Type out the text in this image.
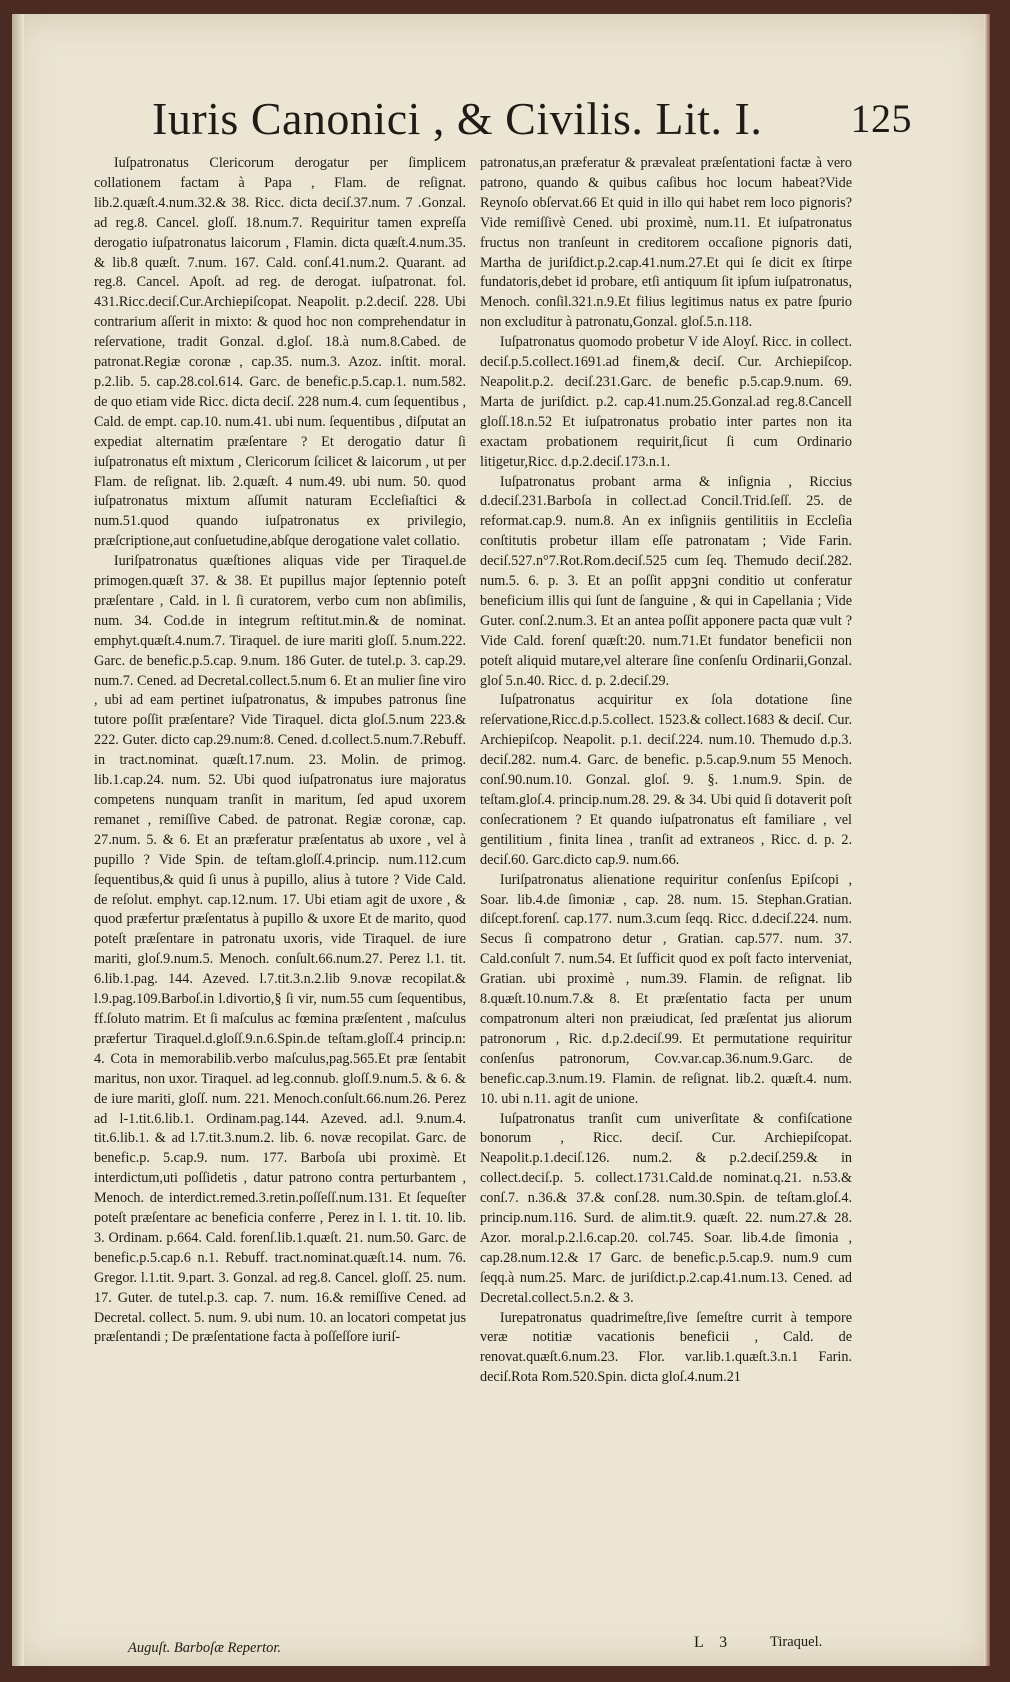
Iuris Canonici , & Civilis. Lit. I. 125

Iuſpatronatus Clericorum derogatur per ſimplicem collationem factam à Papa , Flam. de reſignat. lib.2.quæſt.4.num.32.& 38. Ricc. dicta deciſ.37.num. 7 .Gonzal. ad reg.8. Cancel. gloſſ. 18.num.7. Requiritur tamen expreſſa derogatio iuſpatronatus laicorum , Flamin. dicta quæſt.4.num.35. & lib.8 quæſt. 7.num. 167. Cald. conſ.41.num.2. Quarant. ad reg.8. Cancel. Apoſt. ad reg. de derogat. iuſpatronat. fol. 431.Ricc.deciſ.Cur.Archiepiſcopat. Neapolit. p.2.deciſ. 228. Ubi contrarium aſſerit in mixto: & quod hoc non comprehendatur in reſervatione, tradit Gonzal. d.gloſ. 18.à num.8.Cabed. de patronat.Regiæ coronæ , cap.35. num.3. Azoz. inſtit. moral. p.2.lib. 5. cap.28.col.614. Garc. de benefic.p.5.cap.1. num.582. de quo etiam vide Ricc. dicta deciſ. 228 num.4. cum ſequentibus , Cald. de empt. cap.10. num.41. ubi num. ſequentibus , diſputat an expediat alternatim præſentare ? Et derogatio datur ſi iuſpatronatus eſt mixtum , Clericorum ſcilicet & laicorum , ut per Flam. de reſignat. lib. 2.quæſt. 4 num.49. ubi num. 50. quod iuſpatronatus mixtum aſſumit naturam Eccleſiaſtici & num.51.quod quando iuſpatronatus ex privilegio, præſcriptione,aut conſuetudine,abſque derogatione valet collatio.

Iuriſpatronatus quæſtiones aliquas vide per Tiraquel.de primogen.quæſt 37. & 38. Et pupillus major ſeptennio poteſt præſentare , Cald. in l. ſi curatorem, verbo cum non abſimilis, num. 34. Cod.de in integrum reſtitut.min.& de nominat. emphyt.quæſt.4.num.7. Tiraquel. de iure mariti gloſſ. 5.num.222. Garc. de benefic.p.5.cap. 9.num. 186 Guter. de tutel.p. 3. cap.29. num.7. Cened. ad Decretal.collect.5.num 6. Et an mulier ſine viro , ubi ad eam pertinet iuſpatronatus, & impubes patronus ſine tutore poſſit præſentare? Vide Tiraquel. dicta gloſ.5.num 223.& 222. Guter. dicto cap.29.num:8. Cened. d.collect.5.num.7.Rebuff. in tract.nominat. quæſt.17.num. 23. Molin. de primog. lib.1.cap.24. num. 52. Ubi quod iuſpatronatus iure majoratus competens nunquam tranſit in maritum, ſed apud uxorem remanet , remiſſive Cabed. de patronat. Regiæ coronæ, cap. 27.num. 5. & 6. Et an præferatur præſentatus ab uxore , vel à pupillo ? Vide Spin. de teſtam.gloſſ.4.princip. num.112.cum ſequentibus,& quid ſi unus à pupillo, alius à tutore ? Vide Cald. de reſolut. emphyt. cap.12.num. 17. Ubi etiam agit de uxore , & quod præfertur præſentatus à pupillo & uxore Et de marito, quod poteſt præſentare in patronatu uxoris, vide Tiraquel. de iure mariti, gloſ.9.num.5. Menoch. conſult.66.num.27. Perez l.1. tit. 6.lib.1.pag. 144. Azeved. l.7.tit.3.n.2.lib 9.novæ recopilat.& l.9.pag.109.Barboſ.in l.divortio,§ ſi vir, num.55 cum ſequentibus, ff.ſoluto matrim. Et ſi maſculus ac fœmina præſentent , maſculus præfertur Tiraquel.d.gloſſ.9.n.6.Spin.de teſtam.gloſſ.4 princip.n: 4. Cota in memorabilib.verbo maſculus,pag.565.Et præ ſentabit maritus, non uxor. Tiraquel. ad leg.connub. gloſſ.9.num.5. & 6. & de iure mariti, gloſſ. num. 221. Menoch.conſult.66.num.26. Perez ad l-1.tit.6.lib.1. Ordinam.pag.144. Azeved. ad.l. 9.num.4. tit.6.lib.1. & ad l.7.tit.3.num.2. lib. 6. novæ recopilat. Garc. de benefic.p. 5.cap.9. num. 177. Barboſa ubi proximè. Et interdictum,uti poſſidetis , datur patrono contra perturbantem , Menoch. de interdict.remed.3.retin.poſſeſſ.num.131. Et ſequeſter poteſt præſentare ac beneficia conferre , Perez in l. 1. tit. 10. lib. 3. Ordinam. p.664. Cald. forenſ.lib.1.quæſt. 21. num.50. Garc. de benefic.p.5.cap.6 n.1. Rebuff. tract.nominat.quæſt.14. num. 76. Gregor. l.1.tit. 9.part. 3. Gonzal. ad reg.8. Cancel. gloſſ. 25. num. 17. Guter. de tutel.p.3. cap. 7. num. 16.& remiſſive Cened. ad Decretal. collect. 5. num. 9. ubi num. 10. an locatori competat jus præſentandi ; De præſentatione facta à poſſeſſore iuriſ-

patronatus,an præferatur & prævaleat præſentationi factæ à vero patrono, quando & quibus caſibus hoc locum habeat?Vide Reynoſo obſervat.66 Et quid in illo qui habet rem loco pignoris?Vide remiſſivè Cened. ubi proximè, num.11. Et iuſpatronatus fructus non tranſeunt in creditorem occaſione pignoris dati, Martha de juriſdict.p.2.cap.41.num.27.Et qui ſe dicit ex ſtirpe fundatoris,debet id probare, etſi antiquum ſit ipſum iuſpatronatus, Menoch. conſil.321.n.9.Et filius legitimus natus ex patre ſpurio non excluditur à patronatu,Gonzal. gloſ.5.n.118.

Iuſpatronatus quomodo probetur V ide Aloyſ. Ricc. in collect. deciſ.p.5.collect.1691.ad finem,& deciſ. Cur. Archiepiſcop. Neapolit.p.2. deciſ.231.Garc. de benefic p.5.cap.9.num. 69. Marta de juriſdict. p.2. cap.41.num.25.Gonzal.ad reg.8.Cancell gloſſ.18.n.52 Et iuſpatronatus probatio inter partes non ita exactam probationem requirit,ſicut ſi cum Ordinario litigetur,Ricc. d.p.2.deciſ.173.n.1.

Iuſpatronatus probant arma & inſignia , Riccius d.deciſ.231.Barboſa in collect.ad Concil.Trid.ſeſſ. 25. de reformat.cap.9. num.8. An ex inſigniis gentilitiis in Eccleſia conſtitutis probetur illam eſſe patronatam ; Vide Farin. deciſ.527.n°7.Rot.Rom.deciſ.525 cum ſeq. Themudo deciſ.282. num.5. 6. p. 3. Et an poſſit appꝫni conditio ut conferatur beneficium illis qui ſunt de ſanguine , & qui in Capellania ; Vide Guter. conſ.2.num.3. Et an antea poſſit apponere pacta quæ vult ? Vide Cald. forenſ quæſt:20. num.71.Et fundator beneficii non poteſt aliquid mutare,vel alterare ſine conſenſu Ordinarii,Gonzal. gloſ 5.n.40. Ricc. d. p. 2.deciſ.29.

Iuſpatronatus acquiritur ex ſola dotatione ſine reſervatione,Ricc.d.p.5.collect. 1523.& collect.1683 & deciſ. Cur. Archiepiſcop. Neapolit. p.1. deciſ.224. num.10. Themudo d.p.3. deciſ.282. num.4. Garc. de benefic. p.5.cap.9.num 55 Menoch. conſ.90.num.10. Gonzal. gloſ. 9. §. 1.num.9. Spin. de teſtam.gloſ.4. princip.num.28. 29. & 34. Ubi quid ſi dotaverit poſt conſecrationem ? Et quando iuſpatronatus eſt familiare , vel gentilitium , finita linea , tranſit ad extraneos , Ricc. d. p. 2. deciſ.60. Garc.dicto cap.9. num.66.

Iuriſpatronatus alienatione requiritur conſenſus Epiſcopi , Soar. lib.4.de ſimoniæ , cap. 28. num. 15. Stephan.Gratian. diſcept.forenſ. cap.177. num.3.cum ſeqq. Ricc. d.deciſ.224. num. Secus ſi compatrono detur , Gratian. cap.577. num. 37. Cald.conſult 7. num.54. Et ſufficit quod ex poſt facto interveniat, Gratian. ubi proximè , num.39. Flamin. de reſignat. lib 8.quæſt.10.num.7.& 8. Et præſentatio facta per unum compatronum alteri non præiudicat, ſed præſentat jus aliorum patronorum , Ric. d.p.2.deciſ.99. Et permutatione requiritur conſenſus patronorum, Cov.var.cap.36.num.9.Garc. de benefic.cap.3.num.19. Flamin. de reſignat. lib.2. quæſt.4. num. 10. ubi n.11. agit de unione.

Iuſpatronatus tranſit cum univerſitate & confiſcatione bonorum , Ricc. deciſ. Cur. Archiepiſcopat. Neapolit.p.1.deciſ.126. num.2. & p.2.deciſ.259.& in collect.deciſ.p. 5. collect.1731.Cald.de nominat.q.21. n.53.& conſ.7. n.36.& 37.& conſ.28. num.30.Spin. de teſtam.gloſ.4. princip.num.116. Surd. de alim.tit.9. quæſt. 22. num.27.& 28. Azor. moral.p.2.l.6.cap.20. col.745. Soar. lib.4.de ſimonia , cap.28.num.12.& 17 Garc. de benefic.p.5.cap.9. num.9 cum ſeqq.à num.25. Marc. de juriſdict.p.2.cap.41.num.13. Cened. ad Decretal.collect.5.n.2. & 3.

Iurepatronatus quadrimeſtre,ſive ſemeſtre currit à tempore veræ notitiæ vacationis beneficii , Cald. de renovat.quæſt.6.num.23. Flor. var.lib.1.quæſt.3.n.1 Farin. deciſ.Rota Rom.520.Spin. dicta gloſ.4.num.21

Auguſt. Barboſæ Repertor.	L 3	Tiraquel.
